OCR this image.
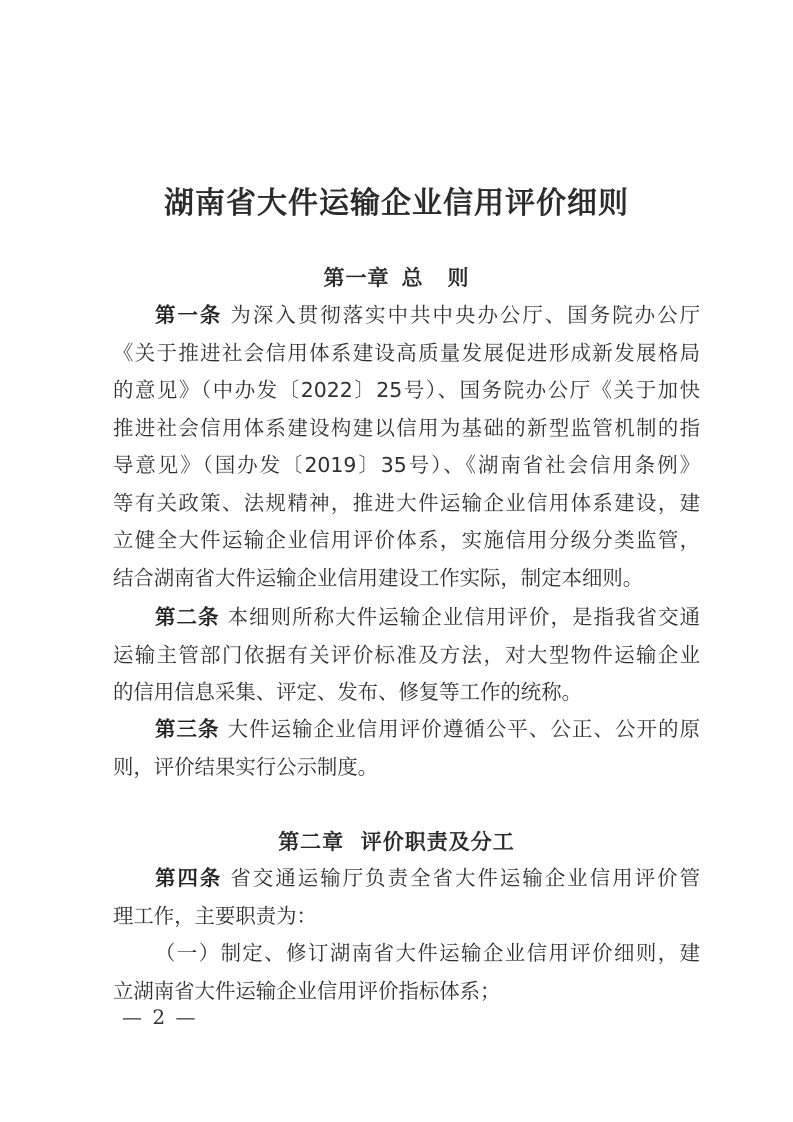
湖南省大件运输企业信用评价细则
第一章 总 则
第一条 为深入贯彻落实中共中央办公厅、国务院办公厅
《关于推进社会信用体系建设高质量发展促进形成新发展格局
的意见》（中办发〔2022〕25号）、国务院办公厅《关于加快
推进社会信用体系建设构建以信用为基础的新型监管机制的指
导意见》（国办发〔2019〕35号）、《湖南省社会信用条例》
等有关政策、法规精神，推进大件运输企业信用体系建设，建
立健全大件运输企业信用评价体系，实施信用分级分类监管，
结合湖南省大件运输企业信用建设工作实际，制定本细则。
第二条 本细则所称大件运输企业信用评价，是指我省交通
运输主管部门依据有关评价标准及方法，对大型物件运输企业
的信用信息采集、评定、发布、修复等工作的统称。
第三条 大件运输企业信用评价遵循公平、公正、公开的原
则，评价结果实行公示制度。
第二章  评价职责及分工
第四条 省交通运输厅负责全省大件运输企业信用评价管
理工作，主要职责为：
（一）制定、修订湖南省大件运输企业信用评价细则，建
立湖南省大件运输企业信用评价指标体系；
— 2 —
